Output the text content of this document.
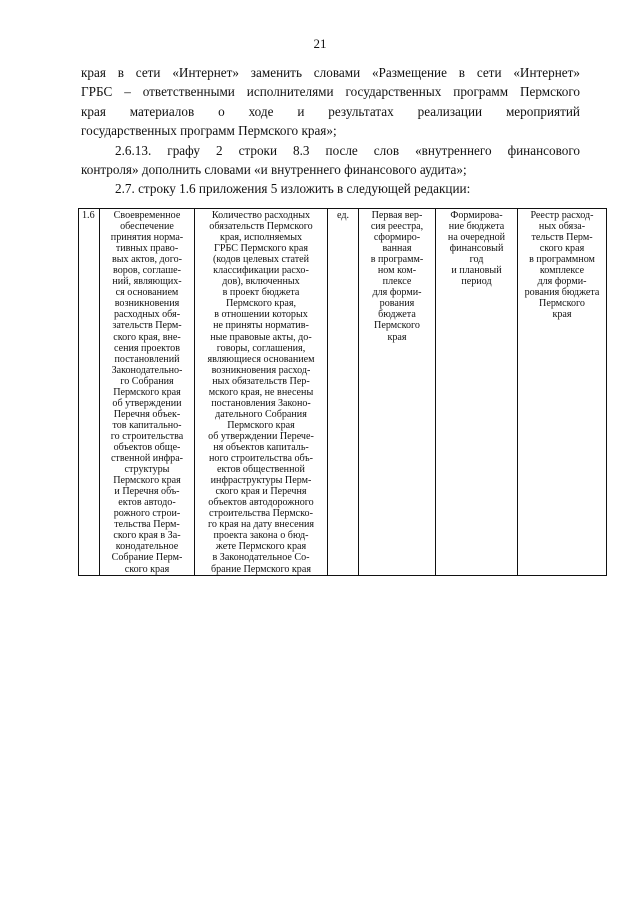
21
края в сети «Интернет» заменить словами «Размещение в сети «Интернет»
ГРБС – ответственными исполнителями государственных программ Пермского
края материалов о ходе и результатах реализации мероприятий
государственных программ Пермского края»;
2.6.13. графу 2 строки 8.3 после слов «внутреннего финансового
контроля» дополнить словами «и внутреннего финансового аудита»;
2.7. строку 1.6 приложения 5 изложить в следующей редакции:
1.6	Своевременное
обеспечение
принятия норма-
тивных право-
вых актов, дого-
воров, соглаше-
ний, являющих-
ся основанием
возникновения
расходных обя-
зательств Перм-
ского края, вне-
сения проектов
постановлений
Законодательно-
го Собрания
Пермского края
об утверждении
Перечня объек-
тов капитально-
го строительства
объектов обще-
ственной инфра-
структуры
Пермского края
и Перечня объ-
ектов автодо-
рожного строи-
тельства Перм-
ского края в За-
конодательное
Собрание Перм-
ского края	Количество расходных
обязательств Пермского
края, исполняемых
ГРБС Пермского края
(кодов целевых статей
классификации расхо-
дов), включенных
в проект бюджета
Пермского края,
в отношении которых
не приняты норматив-
ные правовые акты, до-
говоры, соглашения,
являющиеся основанием
возникновения расход-
ных обязательств Пер-
мского края, не внесены
постановления Законо-
дательного Собрания
Пермского края
об утверждении Перече-
ня объектов капиталь-
ного строительства объ-
ектов общественной
инфраструктуры Перм-
ского края и Перечня
объектов автодорожного
строительства Пермско-
го края на дату внесения
проекта закона о бюд-
жете Пермского края
в Законодательное Со-
брание Пермского края	ед.	Первая вер-
сия реестра,
сформиро-
ванная
в программ-
ном ком-
плексе
для форми-
рования
бюджета
Пермского
края	Формирова-
ние бюджета
на очередной
финансовый
год
и плановый
период	Реестр расход-
ных обяза-
тельств Перм-
ского края
в программном
комплексе
для форми-
рования бюджета
Пермского
края
